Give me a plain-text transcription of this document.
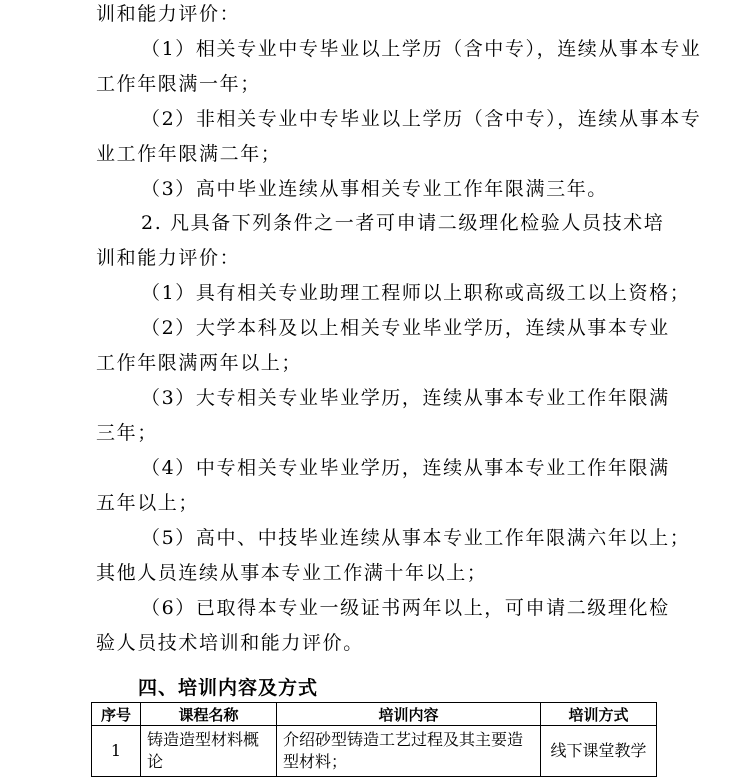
训和能力评价：
（1）相关专业中专毕业以上学历（含中专），连续从事本专业
工作年限满一年；
（2）非相关专业中专毕业以上学历（含中专），连续从事本专
业工作年限满二年；
（3）高中毕业连续从事相关专业工作年限满三年。
2. 凡具备下列条件之一者可申请二级理化检验人员技术培
训和能力评价：
（1）具有相关专业助理工程师以上职称或高级工以上资格；
（2）大学本科及以上相关专业毕业学历，连续从事本专业
工作年限满两年以上；
（3）大专相关专业毕业学历，连续从事本专业工作年限满
三年；
（4）中专相关专业毕业学历，连续从事本专业工作年限满
五年以上；
（5）高中、中技毕业连续从事本专业工作年限满六年以上；
其他人员连续从事本专业工作满十年以上；
（6）已取得本专业一级证书两年以上，可申请二级理化检
验人员技术培训和能力评价。
四、培训内容及方式
序号	课程名称	培训内容	培训方式
1	铸造造型材料概论	介绍砂型铸造工艺过程及其主要造型材料；	线下课堂教学
